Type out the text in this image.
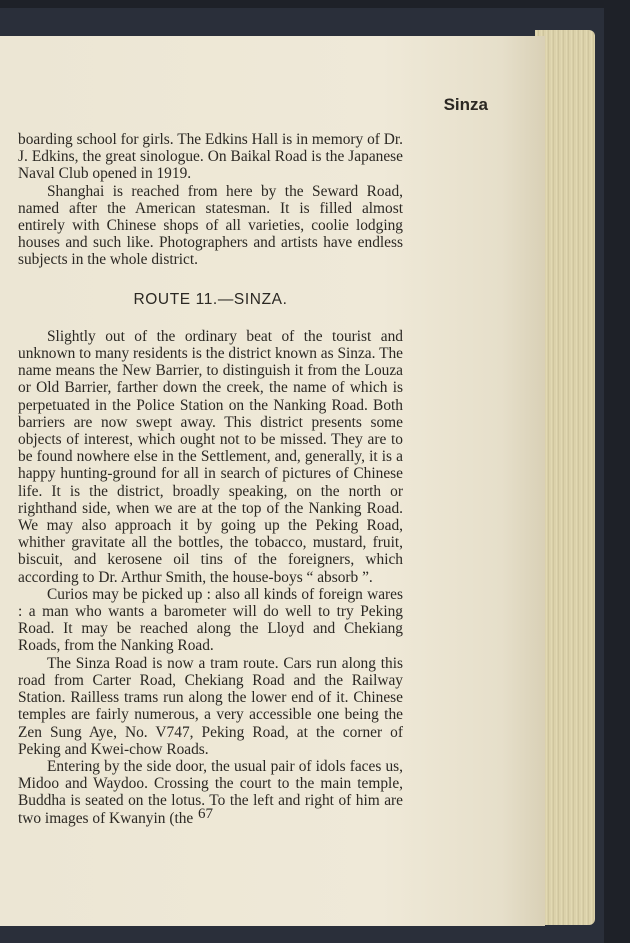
Sinza

boarding school for girls. The Edkins Hall is in memory of Dr. J. Edkins, the great sinologue. On Baikal Road is the Japanese Naval Club opened in 1919.

Shanghai is reached from here by the Seward Road, named after the American statesman. It is filled almost entirely with Chinese shops of all varieties, coolie lodging houses and such like. Photographers and artists have endless subjects in the whole district.

ROUTE 11.—SINZA.

Slightly out of the ordinary beat of the tourist and unknown to many residents is the district known as Sinza. The name means the New Barrier, to distinguish it from the Louza or Old Barrier, farther down the creek, the name of which is perpetuated in the Police Station on the Nanking Road. Both barriers are now swept away. This district presents some objects of interest, which ought not to be missed. They are to be found nowhere else in the Settlement, and, generally, it is a happy hunting-ground for all in search of pictures of Chinese life. It is the district, broadly speaking, on the north or righthand side, when we are at the top of the Nanking Road. We may also approach it by going up the Peking Road, whither gravitate all the bottles, the tobacco, mustard, fruit, biscuit, and kerosene oil tins of the foreigners, which according to Dr. Arthur Smith, the house-boys “ absorb ”.

Curios may be picked up : also all kinds of foreign wares : a man who wants a barometer will do well to try Peking Road. It may be reached along the Lloyd and Chekiang Roads, from the Nanking Road.

The Sinza Road is now a tram route. Cars run along this road from Carter Road, Chekiang Road and the Railway Station. Railless trams run along the lower end of it. Chinese temples are fairly numerous, a very accessible one being the Zen Sung Aye, No. V747, Peking Road, at the corner of Peking and Kwei-chow Roads.

Entering by the side door, the usual pair of idols faces us, Midoo and Waydoo. Crossing the court to the main temple, Buddha is seated on the lotus. To the left and right of him are two images of Kwanyin (the 67
